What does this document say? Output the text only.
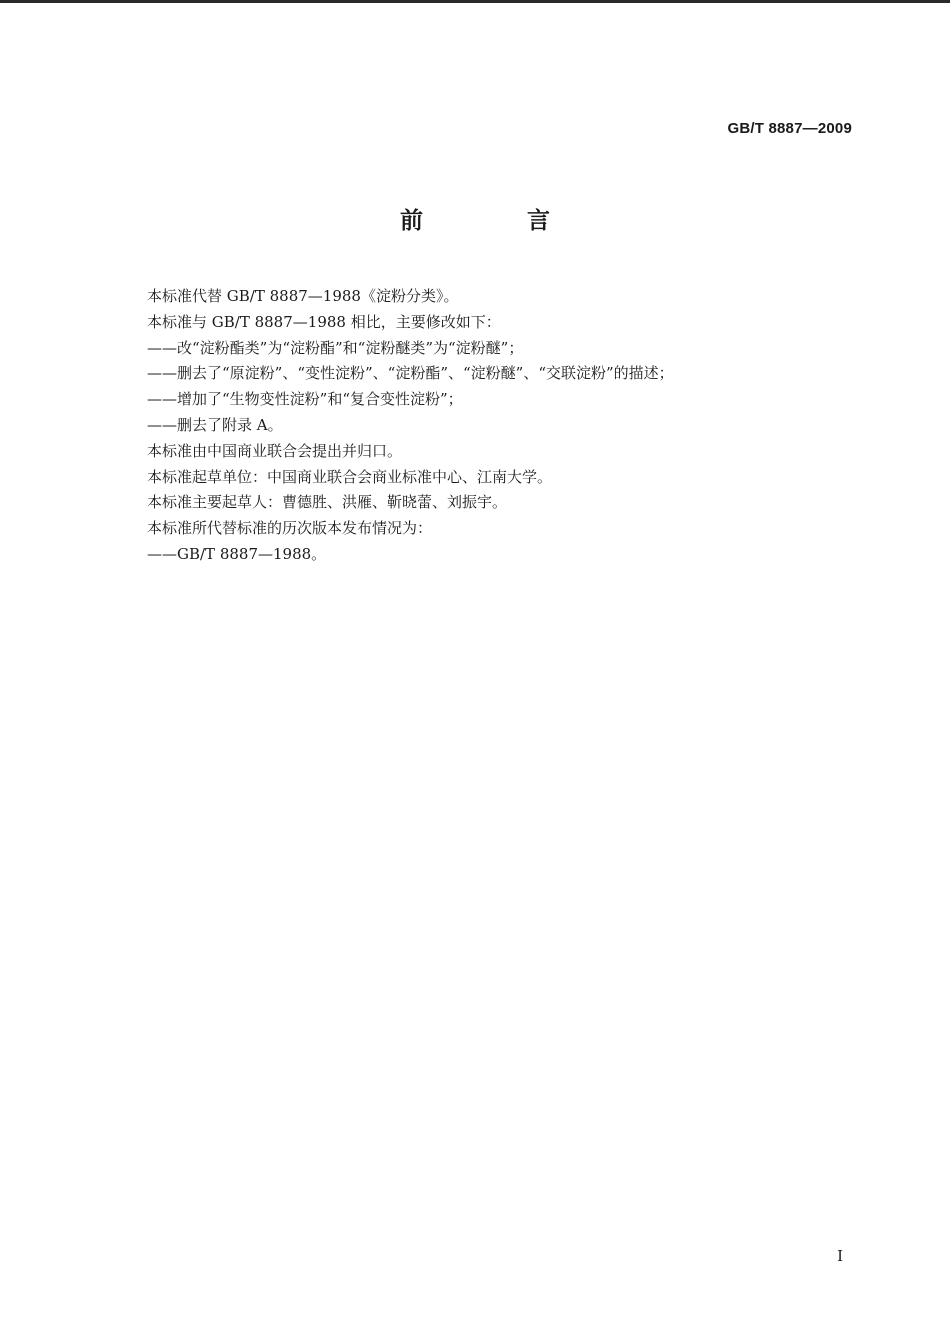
GB/T 8887—2009
前 言
本标准代替 GB/T 8887—1988《淀粉分类》。
本标准与 GB/T 8887—1988 相比，主要修改如下：
——改“淀粉酯类”为“淀粉酯”和“淀粉醚类”为“淀粉醚”；
——删去了“原淀粉”、“变性淀粉”、“淀粉酯”、“淀粉醚”、“交联淀粉”的描述；
——增加了“生物变性淀粉”和“复合变性淀粉”；
——删去了附录 A。
本标准由中国商业联合会提出并归口。
本标准起草单位：中国商业联合会商业标准中心、江南大学。
本标准主要起草人：曹德胜、洪雁、靳晓蕾、刘振宇。
本标准所代替标准的历次版本发布情况为：
——GB/T 8887—1988。
I
